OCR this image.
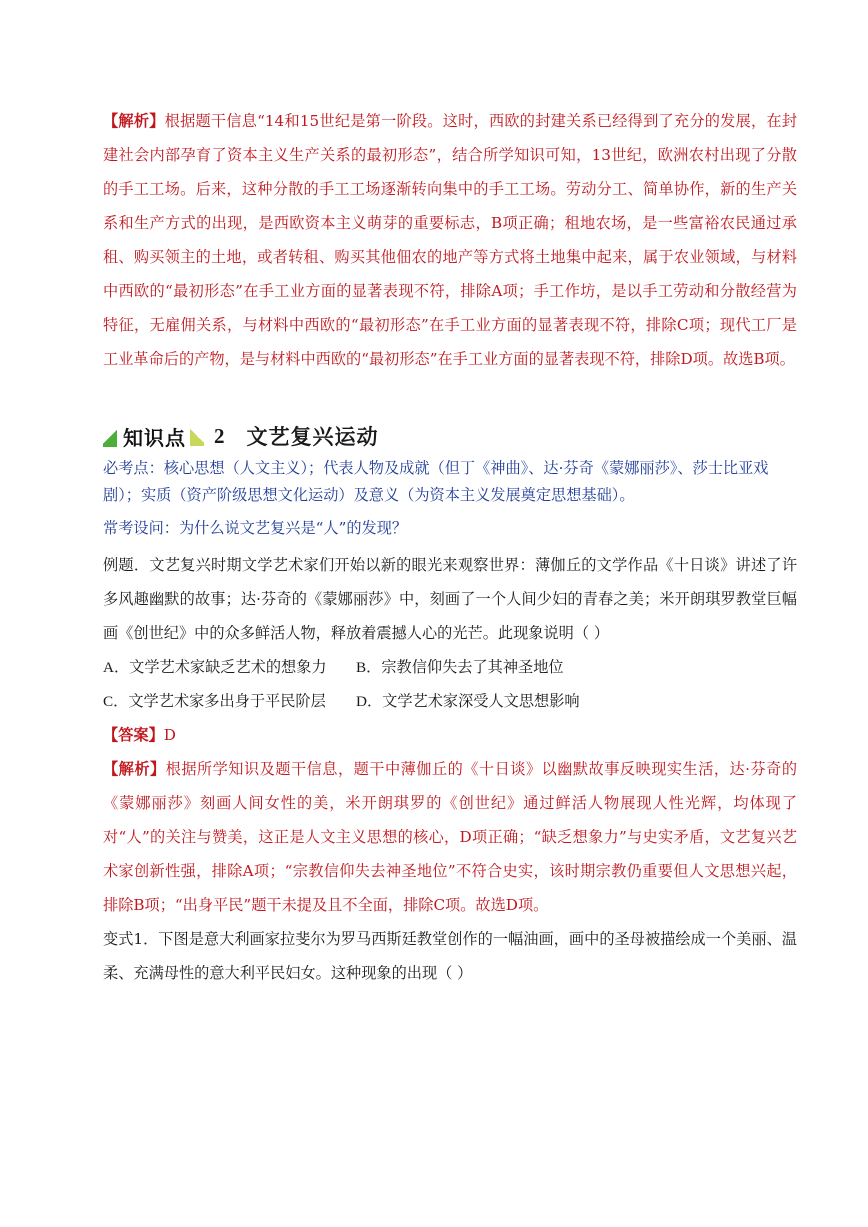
【解析】根据题干信息“14和15世纪是第一阶段。这时，西欧的封建关系已经得到了充分的发展，在封建社会内部孕育了资本主义生产关系的最初形态”，结合所学知识可知，13世纪，欧洲农村出现了分散的手工工场。后来，这种分散的手工工场逐渐转向集中的手工工场。劳动分工、简单协作，新的生产关系和生产方式的出现，是西欧资本主义萌芽的重要标志，B项正确；租地农场，是一些富裕农民通过承租、购买领主的土地，或者转租、购买其他佃农的地产等方式将土地集中起来，属于农业领域，与材料中西欧的“最初形态”在手工业方面的显著表现不符，排除A项；手工作坊，是以手工劳动和分散经营为特征，无雇佣关系，与材料中西欧的“最初形态”在手工业方面的显著表现不符，排除C项；现代工厂是工业革命后的产物，是与材料中西欧的“最初形态”在手工业方面的显著表现不符，排除D项。故选B项。
知识点 2 文艺复兴运动
必考点：核心思想（人文主义）；代表人物及成就（但丁《神曲》、达·芬奇《蒙娜丽莎》、莎士比亚戏剧）；实质（资产阶级思想文化运动）及意义（为资本主义发展奠定思想基础）。
常考设问：为什么说文艺复兴是“人”的发现？
例题．文艺复兴时期文学艺术家们开始以新的眼光来观察世界：薄伽丘的文学作品《十日谈》讲述了许多风趣幽默的故事；达·芬奇的《蒙娜丽莎》中，刻画了一个人间少妇的青春之美；米开朗琪罗教堂巨幅画《创世纪》中的众多鲜活人物，释放着震撼人心的光芒。此现象说明（ ）
A．文学艺术家缺乏艺术的想象力	B．宗教信仰失去了其神圣地位
C．文学艺术家多出身于平民阶层	D．文学艺术家深受人文思想影响
【答案】D
【解析】根据所学知识及题干信息，题干中薄伽丘的《十日谈》以幽默故事反映现实生活，达·芬奇的《蒙娜丽莎》刻画人间女性的美，米开朗琪罗的《创世纪》通过鲜活人物展现人性光辉，均体现了对“人”的关注与赞美，这正是人文主义思想的核心，D项正确；“缺乏想象力”与史实矛盾，文艺复兴艺术家创新性强，排除A项；“宗教信仰失去神圣地位”不符合史实，该时期宗教仍重要但人文思想兴起，排除B项；“出身平民”题干未提及且不全面，排除C项。故选D项。
变式1．下图是意大利画家拉斐尔为罗马西斯廷教堂创作的一幅油画，画中的圣母被描绘成一个美丽、温柔、充满母性的意大利平民妇女。这种现象的出现（ ）
